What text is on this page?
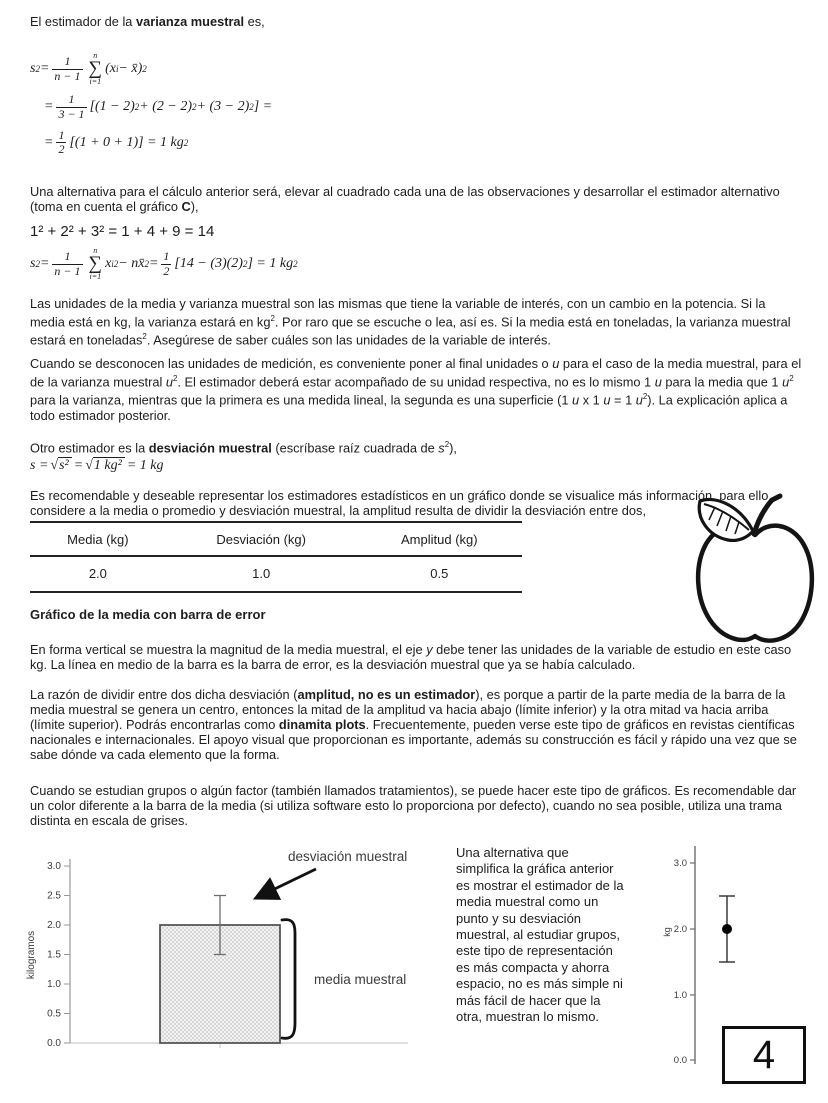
El estimador de la varianza muestral es,

s $2 = \frac{1}{n - 1}$ n
∑
i=1
(x i − x̄) 2
= $\frac{1}{3 - 1} [(1 - 2) 2 + (2 - 2) 2 + (3 - 2)$ 2 ] =
= $\frac{1}{2} [(1 + 0 + 1)] = 1$ kg 2

Una alternativa para el cálculo anterior será, elevar al cuadrado cada una de las observaciones y desarrollar el estimador alternativo (toma en cuenta el gráfico C),

1² + 2² + 3² = 1 + 4 + 9 = 14
s $2 = \frac{1}{n - 1}$ n
∑
i=1
x i 2 − nx̄ $2 = \frac{1}{2} [14 - (3)(2)$ 2 ] = 1 kg 2

Las unidades de la media y varianza muestral son las mismas que tiene la variable de interés, con un cambio en la potencia. Si la media está en kg, la varianza estará en $kg^2$. Por raro que se escuche o lea, así es. Si la media está en toneladas, la varianza muestral estará en toneladas$^2$. Asegúrese de saber cuáles son las unidades de la variable de interés.

Cuando se desconocen las unidades de medición, es conveniente poner al final unidades o u para el caso de la media muestral, para el de la varianza muestral $u^2$. El estimador deberá estar acompañado de su unidad respectiva, no es lo mismo 1 u para la media que 1 $u^2$ para la varianza, mientras que la primera es una medida lineal, la segunda es una superficie (1 u x 1 u = 1 $u^2$). La explicación aplica a todo estimador posterior.

Otro estimador es la desviación muestral (escríbase raíz cuadrada de $s^2$),

s = √ s² = √ 1 kg² = 1 kg

Es recomendable y deseable representar los estimadores estadísticos en un gráfico donde se visualice más información, para ello, considere a la media o promedio y desviación muestral, la amplitud resulta de dividir la desviación entre dos,

Media (kg)	Desviación (kg)	Amplitud (kg)
2.0	1.0	0.5
Gráfico de la media con barra de error

En forma vertical se muestra la magnitud de la media muestral, el eje y debe tener las unidades de la variable de estudio en este caso kg. La línea en medio de la barra es la barra de error, es la desviación muestral que ya se había calculado.

La razón de dividir entre dos dicha desviación (amplitud, no es un estimador), es porque a partir de la parte media de la barra de la media muestral se genera un centro, entonces la mitad de la amplitud va hacia abajo (límite inferior) y la otra mitad va hacia arriba (límite superior). Podrás encontrarlas como dinamita plots. Frecuentemente, pueden verse este tipo de gráficos en revistas científicas nacionales e internacionales. El apoyo visual que proporcionan es importante, además su construcción es fácil y rápido una vez que se sabe dónde va cada elemento que la forma.

Cuando se estudian grupos o algún factor (también llamados tratamientos), se puede hacer este tipo de gráficos. Es recomendable dar un color diferente a la barra de la media (si utiliza software esto lo proporciona por defecto), cuando no sea posible, utiliza una trama distinta en escala de grises.

0.0
0.5
1.0
1.5
2.0
2.5
3.0
kilogramos
desviación muestral
media muestral

Una alternativa que simplifica la gráfica anterior es mostrar el estimador de la media muestral como un punto y su desviación muestral, al estudiar grupos, este tipo de representación es más compacta y ahorra espacio, no es más simple ni más fácil de hacer que la otra, muestran lo mismo.

0.0
1.0
2.0
3.0
kg
4
